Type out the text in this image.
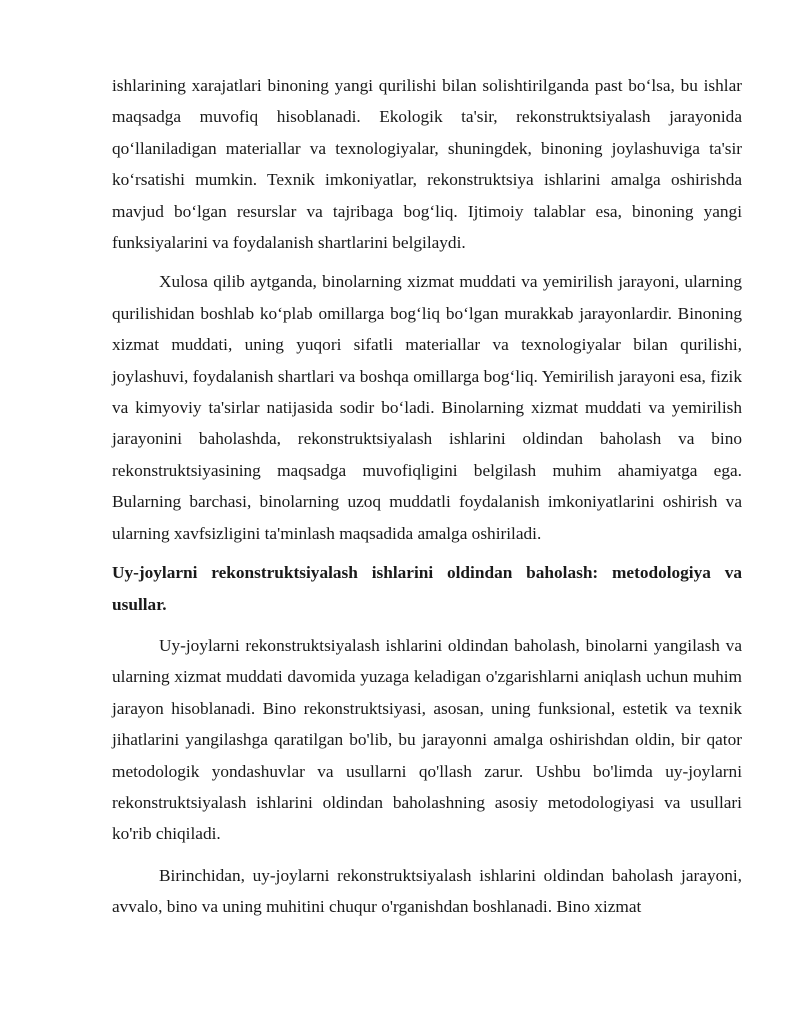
ishlarining xarajatlari binoning yangi qurilishi bilan solishtirilganda past bo‘lsa, bu ishlar maqsadga muvofiq hisoblanadi. Ekologik ta'sir, rekonstruktsiyalash jarayonida qo‘llaniladigan materiallar va texnologiyalar, shuningdek, binoning joylashuviga ta'sir ko‘rsatishi mumkin. Texnik imkoniyatlar, rekonstruktsiya ishlarini amalga oshirishda mavjud bo‘lgan resurslar va tajribaga bog‘liq. Ijtimoiy talablar esa, binoning yangi funksiyalarini va foydalanish shartlarini belgilaydi.

Xulosa qilib aytganda, binolarning xizmat muddati va yemirilish jarayoni, ularning qurilishidan boshlab ko‘plab omillarga bog‘liq bo‘lgan murakkab jarayonlardir. Binoning xizmat muddati, uning yuqori sifatli materiallar va texnologiyalar bilan qurilishi, joylashuvi, foydalanish shartlari va boshqa omillarga bog‘liq. Yemirilish jarayoni esa, fizik va kimyoviy ta'sirlar natijasida sodir bo‘ladi. Binolarning xizmat muddati va yemirilish jarayonini baholashda, rekonstruktsiyalash ishlarini oldindan baholash va bino rekonstruktsiyasining maqsadga muvofiqligini belgilash muhim ahamiyatga ega. Bularning barchasi, binolarning uzoq muddatli foydalanish imkoniyatlarini oshirish va ularning xavfsizligini ta'minlash maqsadida amalga oshiriladi.

Uy-joylarni rekonstruktsiyalash ishlarini oldindan baholash: metodologiya va usullar.

Uy-joylarni rekonstruktsiyalash ishlarini oldindan baholash, binolarni yangilash va ularning xizmat muddati davomida yuzaga keladigan o'zgarishlarni aniqlash uchun muhim jarayon hisoblanadi. Bino rekonstruktsiyasi, asosan, uning funksional, estetik va texnik jihatlarini yangilashga qaratilgan bo'lib, bu jarayonni amalga oshirishdan oldin, bir qator metodologik yondashuvlar va usullarni qo'llash zarur. Ushbu bo'limda uy-joylarni rekonstruktsiyalash ishlarini oldindan baholashning asosiy metodologiyasi va usullari ko'rib chiqiladi.

Birinchidan, uy-joylarni rekonstruktsiyalash ishlarini oldindan baholash jarayoni, avvalo, bino va uning muhitini chuqur o'rganishdan boshlanadi. Bino xizmat
